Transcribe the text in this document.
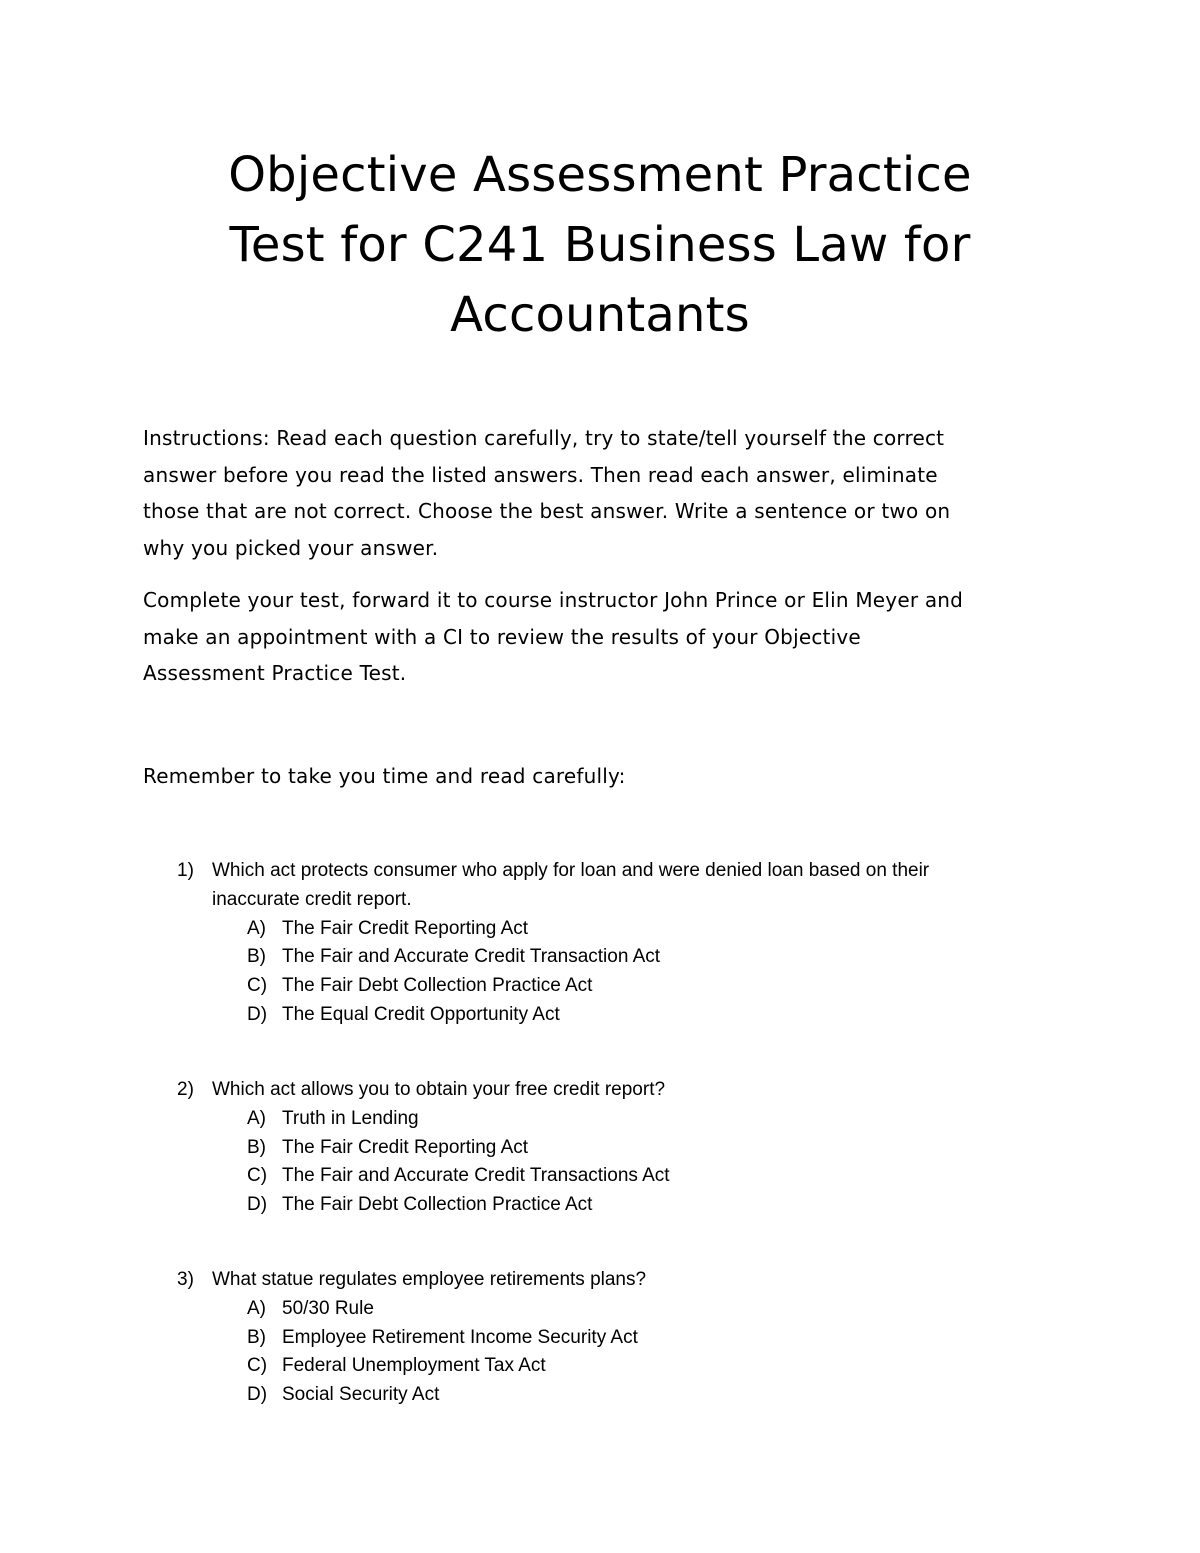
Objective Assessment Practice
Test for C241 Business Law for
Accountants
Instructions: Read each question carefully, try to state/tell yourself the correct
answer before you read the listed answers. Then read each answer, eliminate
those that are not correct. Choose the best answer. Write a sentence or two on
why you picked your answer.
Complete your test, forward it to course instructor John Prince or Elin Meyer and
make an appointment with a CI to review the results of your Objective
Assessment Practice Test.
Remember to take you time and read carefully:
1) Which act protects consumer who apply for loan and were denied loan based on their
inaccurate credit report.
A) The Fair Credit Reporting Act
B) The Fair and Accurate Credit Transaction Act
C) The Fair Debt Collection Practice Act
D) The Equal Credit Opportunity Act
2) Which act allows you to obtain your free credit report?
A) Truth in Lending
B) The Fair Credit Reporting Act
C) The Fair and Accurate Credit Transactions Act
D) The Fair Debt Collection Practice Act
3) What statue regulates employee retirements plans?
A) 50/30 Rule
B) Employee Retirement Income Security Act
C) Federal Unemployment Tax Act
D) Social Security Act
